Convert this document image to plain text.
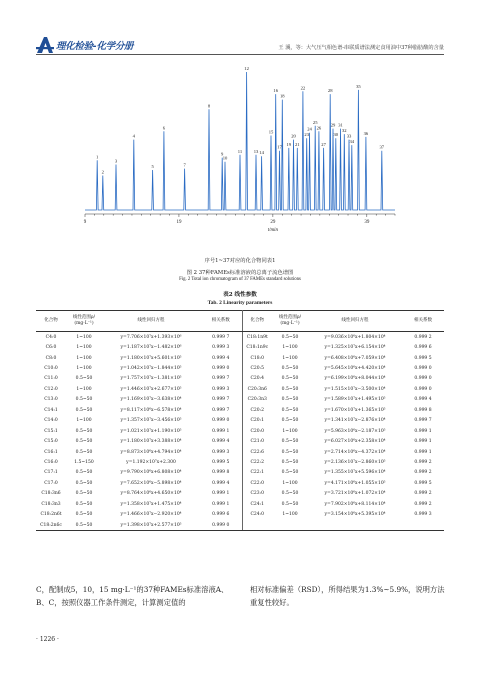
理化检验-化学分册	王 溪，等：大气压气相色谱-串联质谱法测定食用油中37种脂肪酸的含量
1
2
3
4
5
6
7
8
9
10
11
12
13 14
15
16
17
18
19
20
21
22
23
24
25
26
27
28
29
30
31
32
33
34
35
36
37
9	19	29	39
t/min
序号1~37对应的化合物同表1
图 2 37种FAMEs标准溶液的总离子流色谱图
Fig. 2 Total ion chromatogram of 37 FAMEs standard solutions
表2 线性参数
Tab. 2 Linearity parameters
化合物	线性范围ρ/
(mg·L⁻¹)	线性回归方程	相关系数	化合物	线性范围ρ/
(mg·L⁻¹)	线性回归方程	相关系数
C4:0	1~100	y=7.706×10⁷x+1.393×10⁶	0.999 7	C18:1n9t	0.5~50	y=9.036×10⁶x+1.804×10⁴	0.999 2
C6:0	1~100	y=1.187×10⁷x−1.482×10⁶	0.999 3	C18:1n9c	1~100	y=1.325×10⁷x+6.154×10⁴	0.999 6
C8:0	1~100	y=1.180×10⁷x+5.601×10⁵	0.999 4	C18:0	1~100	y=6.408×10⁶x+7.059×10⁴	0.999 5
C10:0	1~100	y=1.042×10⁷x−1.844×10⁵	0.999 0	C20:5	0.5~50	y=5.645×10⁶x+4.420×10⁴	0.999 0
C11:0	0.5~50	y=1.757×10⁷x−1.381×10⁵	0.999 7	C20:4	0.5~50	y=6.199×10⁶x+8.044×10⁴	0.999 0
C12:0	1~100	y=1.446×10⁷x+2.677×10⁵	0.999 3	C20:3n6	0.5~50	y=1.515×10⁷x−3.500×10⁴	0.999 0
C13:0	0.5~50	y=1.169×10⁷x−3.638×10⁴	0.999 7	C20:3n3	0.5~50	y=1.589×10⁷x+1.495×10⁵	0.999 4
C14:1	0.5~50	y=8.117×10⁶x−6.578×10⁴	0.999 7	C20:2	0.5~50	y=1.670×10⁷x+1.365×10⁵	0.999 8
C14:0	1~100	y=1.357×10⁷x−3.456×10⁵	0.999 0	C20:1	0.5~50	y=1.341×10⁷x−2.876×10⁴	0.999 7
C15:1	0.5~50	y=1.021×10⁷x+1.190×10⁵	0.999 1	C20:0	1~100	y=5.963×10⁶x−2.187×10⁵	0.999 1
C15:0	0.5~50	y=1.180×10⁷x+3.388×10⁴	0.999 4	C21:0	0.5~50	y=6.027×10⁶x+2.358×10⁴	0.999 1
C16:1	0.5~50	y=8.873×10⁶x+4.794×10⁴	0.999 3	C22:6	0.5~50	y=2.714×10⁶x−4.372×10⁴	0.999 1
C16:0	1.5~150	y=1.192×10⁷x+2.300	0.999 5	C22:2	0.5~50	y=2.136×10⁷x−2.860×10⁵	0.999 2
C17:1	0.5~50	y=9.790×10⁶x+6.808×10⁴	0.999 8	C22:1	0.5~50	y=1.355×10⁷x+5.596×10⁴	0.999 2
C17:0	0.5~50	y=7.652×10⁶x−5.898×10⁴	0.999 4	C22:0	1~100	y=4.171×10⁶x+1.055×10⁵	0.999 5
C18:3n6	0.5~50	y=8.764×10⁶x+4.650×10⁴	0.999 1	C23:0	0.5~50	y=3.721×10⁶x+1.072×10⁴	0.999 2
C18:3n3	0.5~50	y=1.358×10⁷x+1.475×10⁴	0.999 1	C24:1	0.5~50	y=7.902×10⁶x+8.114×10⁴	0.999 2
C18:2n6t	0.5~50	y=1.466×10⁷x−2.920×10⁴	0.999 6	C24:0	1~100	y=3.154×10⁶x+5.395×10⁴	0.999 3
C18:2n6c	0.5~50	y=1.398×10⁷x+2.577×10⁵	0.999 0				
C，配制成5，10，15 mg·L⁻¹的37种FAMEs标准溶液A、B、C，按照仪器工作条件测定，计算测定值的
相对标准偏差（RSD），所得结果为1.3%~5.9%，说明方法重复性较好。
· 1226 ·
